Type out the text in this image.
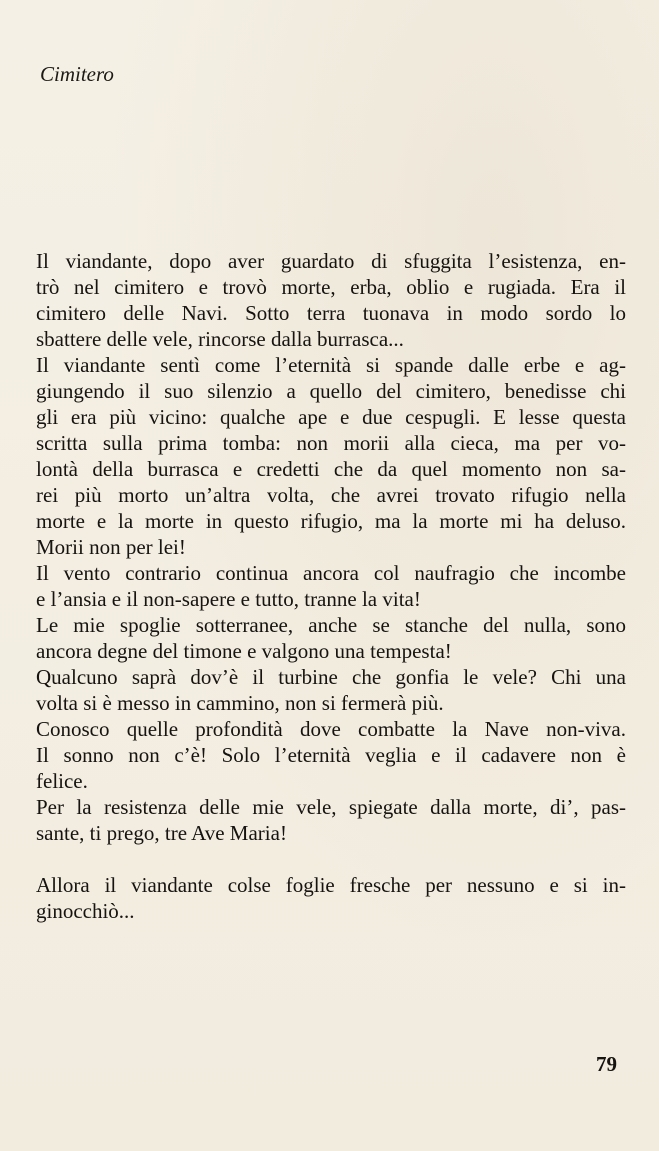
Cimitero
Il viandante, dopo aver guardato di sfuggita l’esistenza, en-
trò nel cimitero e trovò morte, erba, oblio e rugiada. Era il
cimitero delle Navi. Sotto terra tuonava in modo sordo lo
sbattere delle vele, rincorse dalla burrasca...
Il viandante sentì come l’eternità si spande dalle erbe e ag-
giungendo il suo silenzio a quello del cimitero, benedisse chi
gli era più vicino: qualche ape e due cespugli. E lesse questa
scritta sulla prima tomba: non morii alla cieca, ma per vo-
lontà della burrasca e credetti che da quel momento non sa-
rei più morto un’altra volta, che avrei trovato rifugio nella
morte e la morte in questo rifugio, ma la morte mi ha deluso.
Morii non per lei!
Il vento contrario continua ancora col naufragio che incombe
e l’ansia e il non-sapere e tutto, tranne la vita!
Le mie spoglie sotterranee, anche se stanche del nulla, sono
ancora degne del timone e valgono una tempesta!
Qualcuno saprà dov’è il turbine che gonfia le vele? Chi una
volta si è messo in cammino, non si fermerà più.
Conosco quelle profondità dove combatte la Nave non-viva.
Il sonno non c’è! Solo l’eternità veglia e il cadavere non è
felice.
Per la resistenza delle mie vele, spiegate dalla morte, di’, pas-
sante, ti prego, tre Ave Maria!
Allora il viandante colse foglie fresche per nessuno e si in-
ginocchiò...
79
